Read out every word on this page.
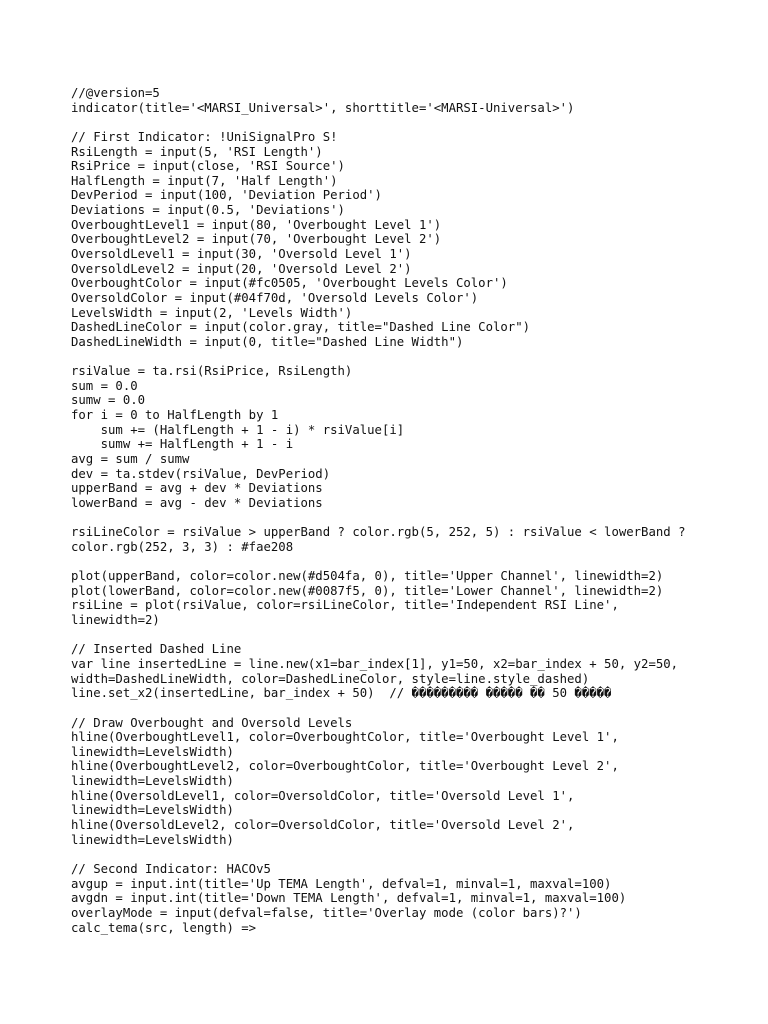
//@version=5
indicator(title='<MARSI_Universal>', shorttitle='<MARSI-Universal>')
// First Indicator: !UniSignalPro S!
RsiLength = input(5, 'RSI Length')
RsiPrice = input(close, 'RSI Source')
HalfLength = input(7, 'Half Length')
DevPeriod = input(100, 'Deviation Period')
Deviations = input(0.5, 'Deviations')
OverboughtLevel1 = input(80, 'Overbought Level 1')
OverboughtLevel2 = input(70, 'Overbought Level 2')
OversoldLevel1 = input(30, 'Oversold Level 1')
OversoldLevel2 = input(20, 'Oversold Level 2')
OverboughtColor = input(#fc0505, 'Overbought Levels Color')
OversoldColor = input(#04f70d, 'Oversold Levels Color')
LevelsWidth = input(2, 'Levels Width')
DashedLineColor = input(color.gray, title="Dashed Line Color")
DashedLineWidth = input(0, title="Dashed Line Width")
rsiValue = ta.rsi(RsiPrice, RsiLength)
sum = 0.0
sumw = 0.0
for i = 0 to HalfLength by 1
sum += (HalfLength + 1 - i) * rsiValue[i]
sumw += HalfLength + 1 - i
avg = sum / sumw
dev = ta.stdev(rsiValue, DevPeriod)
upperBand = avg + dev * Deviations
lowerBand = avg - dev * Deviations
rsiLineColor = rsiValue > upperBand ? color.rgb(5, 252, 5) : rsiValue < lowerBand ?
color.rgb(252, 3, 3) : #fae208
plot(upperBand, color=color.new(#d504fa, 0), title='Upper Channel', linewidth=2)
plot(lowerBand, color=color.new(#0087f5, 0), title='Lower Channel', linewidth=2)
rsiLine = plot(rsiValue, color=rsiLineColor, title='Independent RSI Line',
linewidth=2)
// Inserted Dashed Line
var line insertedLine = line.new(x1=bar_index[1], y1=50, x2=bar_index + 50, y2=50,
width=DashedLineWidth, color=DashedLineColor, style=line.style_dashed)
line.set_x2(insertedLine, bar_index + 50)  // ��������� ����� �� 50 �����
// Draw Overbought and Oversold Levels
hline(OverboughtLevel1, color=OverboughtColor, title='Overbought Level 1',
linewidth=LevelsWidth)
hline(OverboughtLevel2, color=OverboughtColor, title='Overbought Level 2',
linewidth=LevelsWidth)
hline(OversoldLevel1, color=OversoldColor, title='Oversold Level 1',
linewidth=LevelsWidth)
hline(OversoldLevel2, color=OversoldColor, title='Oversold Level 2',
linewidth=LevelsWidth)
// Second Indicator: HACOv5
avgup = input.int(title='Up TEMA Length', defval=1, minval=1, maxval=100)
avgdn = input.int(title='Down TEMA Length', defval=1, minval=1, maxval=100)
overlayMode = input(defval=false, title='Overlay mode (color bars)?')
calc_tema(src, length) =>
